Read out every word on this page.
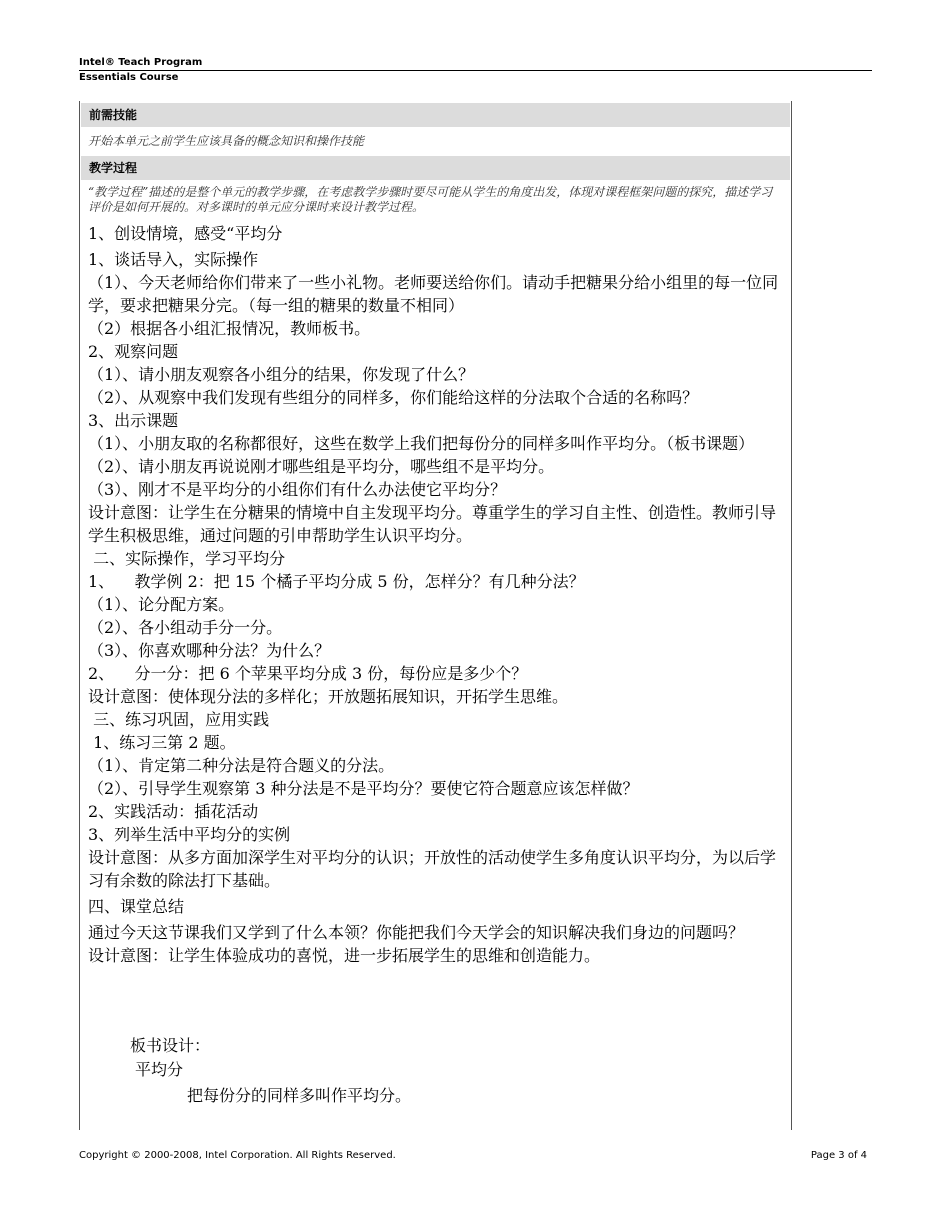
Intel® Teach Program
Essentials Course
前需技能
开始本单元之前学生应该具备的概念知识和操作技能
教学过程
“教学过程”描述的是整个单元的教学步骤，在考虑教学步骤时要尽可能从学生的角度出发，体现对课程框架问题的探究，描述学习评价是如何开展的。对多课时的单元应分课时来设计教学过程。

1、创设情境，感受“平均分

1、谈话导入，实际操作

（1）、今天老师给你们带来了一些小礼物。老师要送给你们。请动手把糖果分给小组里的每一位同学，要求把糖果分完。（每一组的糖果的数量不相同）

（2）根据各小组汇报情况，教师板书。

2、观察问题

（1）、请小朋友观察各小组分的结果，你发现了什么？

（2）、从观察中我们发现有些组分的同样多，你们能给这样的分法取个合适的名称吗？

3、出示课题

（1）、小朋友取的名称都很好，这些在数学上我们把每份分的同样多叫作平均分。（板书课题）

（2）、请小朋友再说说刚才哪些组是平均分，哪些组不是平均分。

（3）、刚才不是平均分的小组你们有什么办法使它平均分？

设计意图：让学生在分糖果的情境中自主发现平均分。尊重学生的学习自主性、创造性。教师引导学生积极思维，通过问题的引申帮助学生认识平均分。

二、实际操作，学习平均分

1、    教学例 2：把 15 个橘子平均分成 5 份，怎样分？有几种分法？

（1）、论分配方案。

（2）、各小组动手分一分。

（3）、你喜欢哪种分法？为什么？

2、    分一分：把 6 个苹果平均分成 3 份，每份应是多少个？

设计意图：使体现分法的多样化；开放题拓展知识，开拓学生思维。

三、练习巩固，应用实践

1、练习三第 2 题。

（1）、肯定第二种分法是符合题义的分法。

（2）、引导学生观察第 3 种分法是不是平均分？要使它符合题意应该怎样做？

2、实践活动：插花活动

3、列举生活中平均分的实例

设计意图：从多方面加深学生对平均分的认识；开放性的活动使学生多角度认识平均分，为以后学习有余数的除法打下基础。

四、课堂总结

通过今天这节课我们又学到了什么本领？你能把我们今天学会的知识解决我们身边的问题吗？

设计意图：让学生体验成功的喜悦，进一步拓展学生的思维和创造能力。

板书设计：
平均分
把每份分的同样多叫作平均分。
Copyright © 2000-2008, Intel Corporation. All Rights Reserved.	Page 3 of 4
